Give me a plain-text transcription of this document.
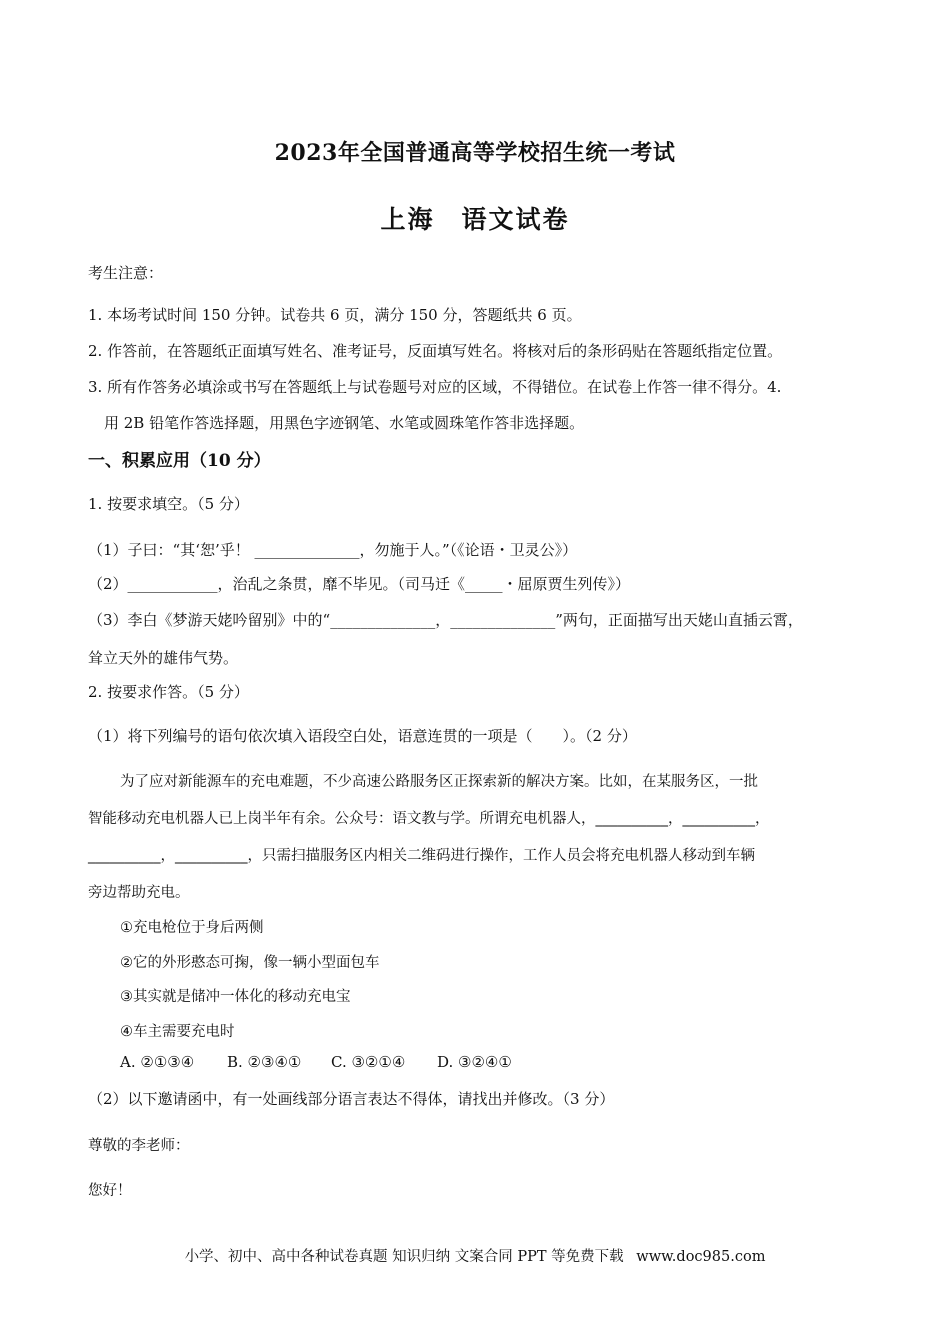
2023年全国普通高等学校招生统一考试
上海　语文试卷
考生注意：
1. 本场考试时间 150 分钟。试卷共 6 页，满分 150 分，答题纸共 6 页。
2. 作答前，在答题纸正面填写姓名、准考证号，反面填写姓名。将核对后的条形码贴在答题纸指定位置。
3. 所有作答务必填涂或书写在答题纸上与试卷题号对应的区域，不得错位。在试卷上作答一律不得分。4.
用 2B 铅笔作答选择题，用黑色字迹钢笔、水笔或圆珠笔作答非选择题。
一、积累应用（10 分）
1. 按要求填空。（5 分）
（1）子曰：“其‘恕’乎！ ______________，勿施于人。”（《论语・卫灵公》）
（2）____________，治乱之条贯，靡不毕见。（司马迁《_____・屈原贾生列传》）
（3）李白《梦游天姥吟留别》中的“______________，______________”两句，正面描写出天姥山直插云霄，
耸立天外的雄伟气势。
2. 按要求作答。（5 分）
（1）将下列编号的语句依次填入语段空白处，语意连贯的一项是（　　）。（2 分）
为了应对新能源车的充电难题，不少高速公路服务区正探索新的解决方案。比如，在某服务区，一批
智能移动充电机器人已上岗半年有余。公众号：语文教与学。所谓充电机器人，__________，__________，
__________，__________，只需扫描服务区内相关二维码进行操作，工作人员会将充电机器人移动到车辆
旁边帮助充电。
①充电枪位于身后两侧
②它的外形憨态可掬，像一辆小型面包车
③其实就是储冲一体化的移动充电宝
④车主需要充电时
A. ②①③④ B. ②③④① C. ③②①④ D. ③②④①
（2）以下邀请函中，有一处画线部分语言表达不得体，请找出并修改。（3 分）
尊敬的李老师：
您好！
小学、初中、高中各种试卷真题 知识归纳 文案合同 PPT 等免费下载 www.doc985.com
